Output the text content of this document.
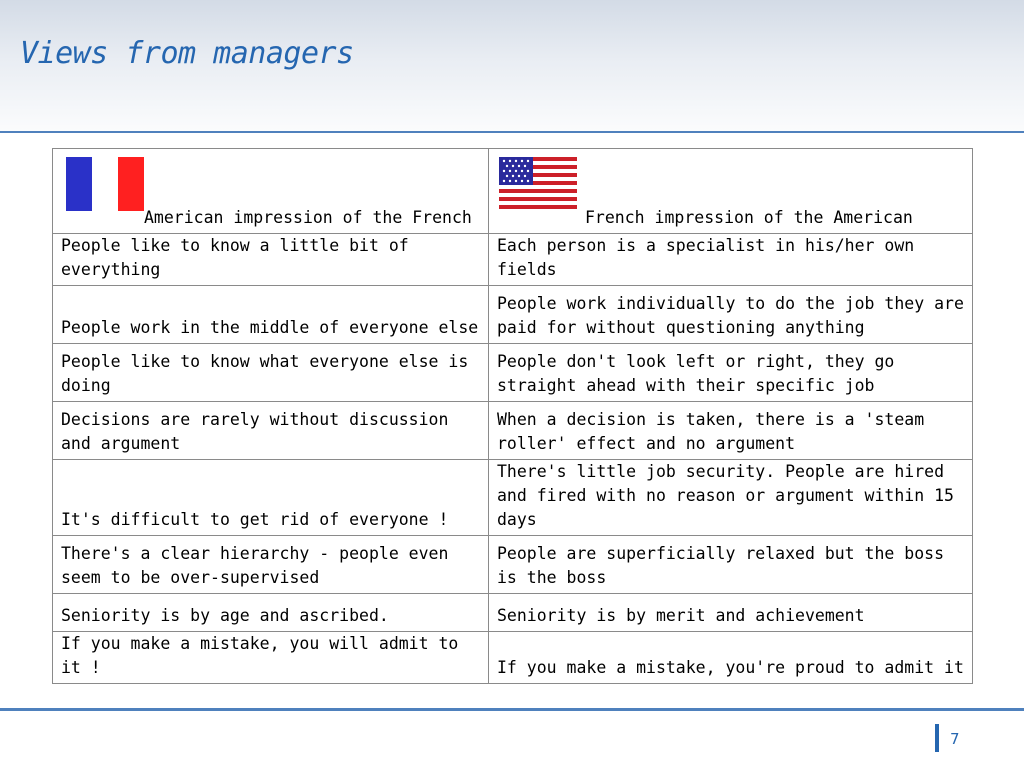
Views from managers
American impression of the French	French impression of the American

People like to know a little bit of everything	Each person is a specialist in his/her own fields
People work in the middle of everyone else	People work individually to do the job they are paid for without questioning anything
People like to know what everyone else is doing	People don't look left or right, they go straight ahead with their specific job
Decisions are rarely without discussion and argument	When a decision is taken, there is a 'steam roller' effect and no argument
It's difficult to get rid of everyone !	There's little job security. People are hired and fired with no reason or argument within 15 days
There's a clear hierarchy - people even seem to be over-supervised	People are superficially relaxed but the boss is the boss
Seniority is by age and ascribed.	Seniority is by merit and achievement
If you make a mistake, you will admit to it !	If you make a mistake, you're proud to admit it
7
